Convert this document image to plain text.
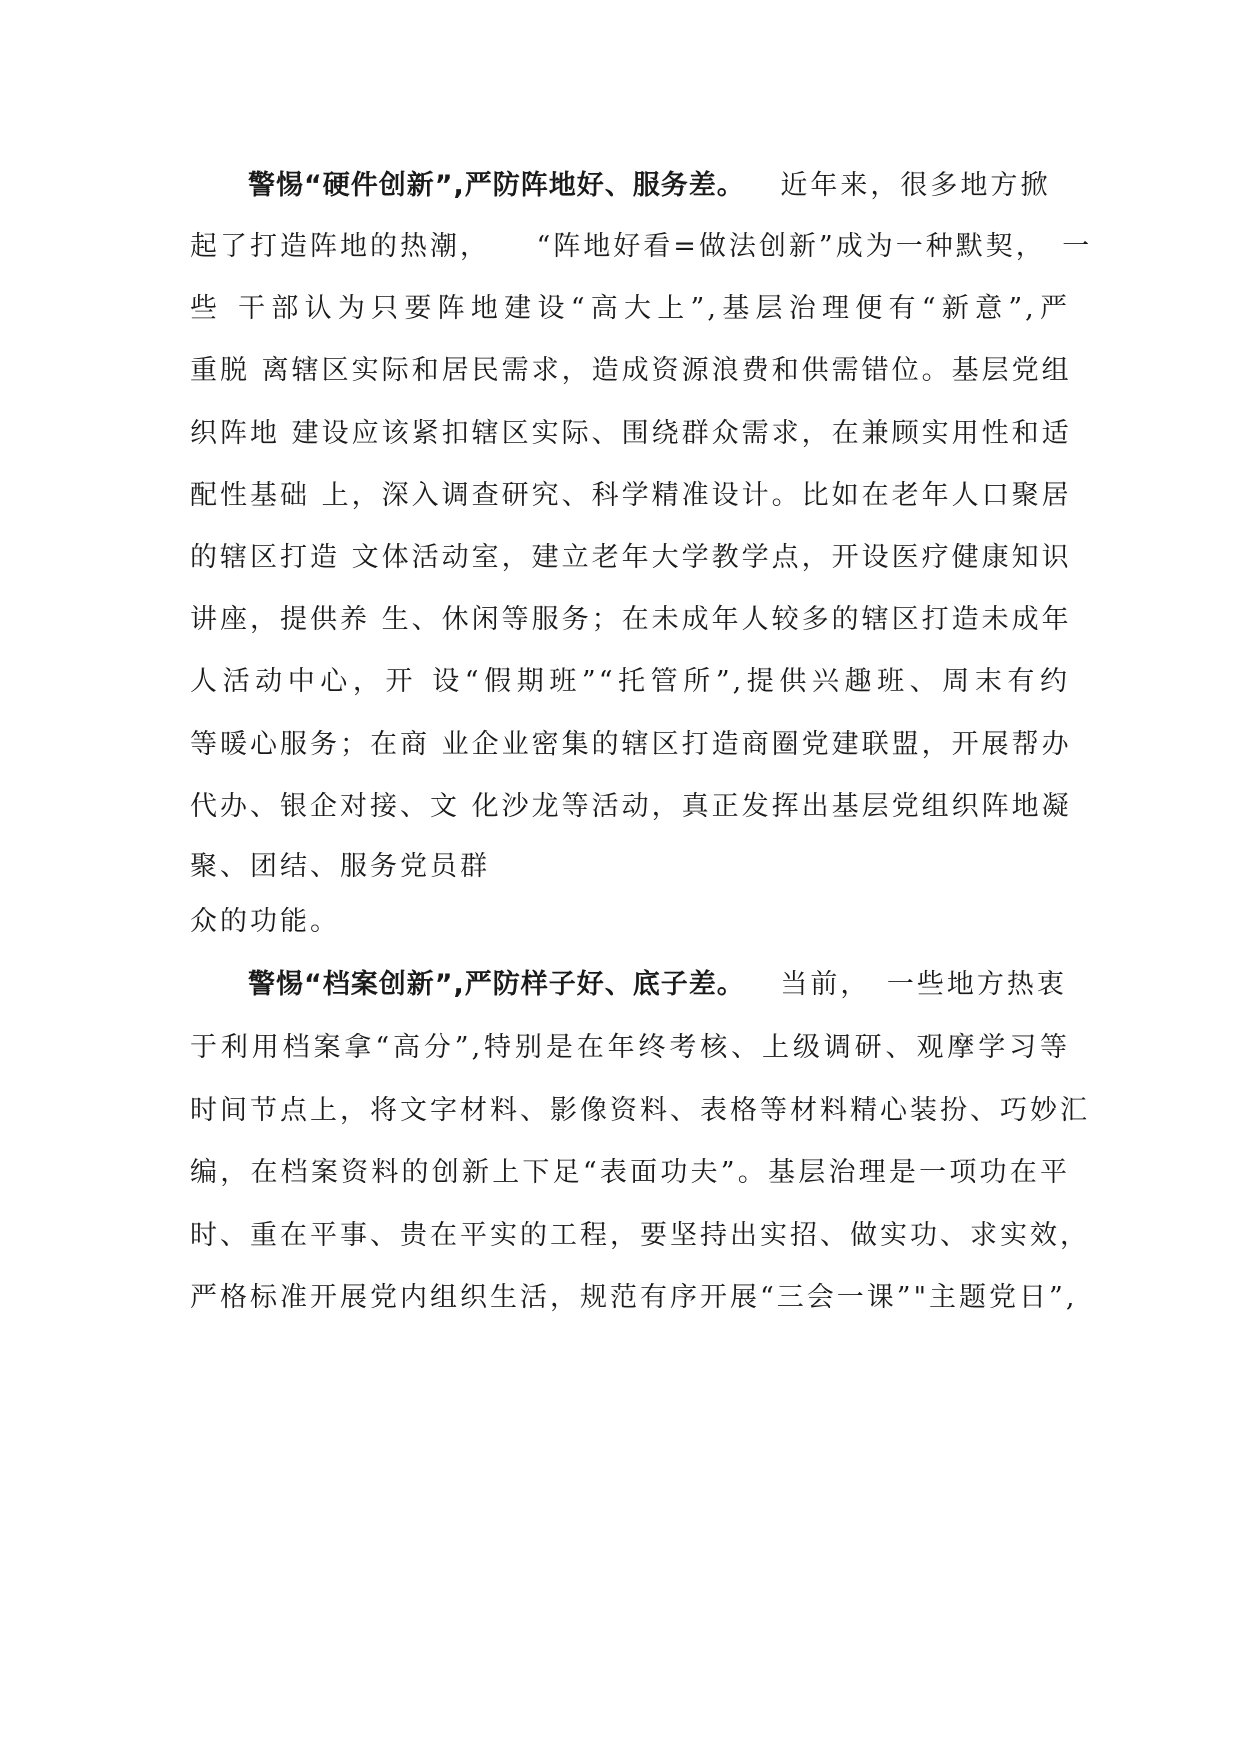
警惕“硬件创新”,严防阵地好、服务差。 近年来，很多地方掀
起了打造阵地的热潮，　　“阵地好看=做法创新”成为一种默契，　一
些 干部认为只要阵地建设“高大上”,基层治理便有“新意”,严
重脱 离辖区实际和居民需求，造成资源浪费和供需错位。基层党组
织阵地 建设应该紧扣辖区实际、围绕群众需求，在兼顾实用性和适
配性基础 上，深入调查研究、科学精准设计。比如在老年人口聚居
的辖区打造 文体活动室，建立老年大学教学点，开设医疗健康知识
讲座，提供养 生、休闲等服务；在未成年人较多的辖区打造未成年
人活动中心，开 设“假期班”“托管所”,提供兴趣班、周末有约
等暖心服务；在商 业企业密集的辖区打造商圈党建联盟，开展帮办
代办、银企对接、文 化沙龙等活动，真正发挥出基层党组织阵地凝
聚、团结、服务党员群
众的功能。
警惕“档案创新”,严防样子好、底子差。 当前，　一些地方热衷
于利用档案拿“高分”,特别是在年终考核、上级调研、观摩学习等
时间节点上，将文字材料、影像资料、表格等材料精心装扮、巧妙汇
编，在档案资料的创新上下足“表面功夫”。基层治理是一项功在平
时、重在平事、贵在平实的工程，要坚持出实招、做实功、求实效，
严格标准开展党内组织生活，规范有序开展“三会一课”"主题党日”,
